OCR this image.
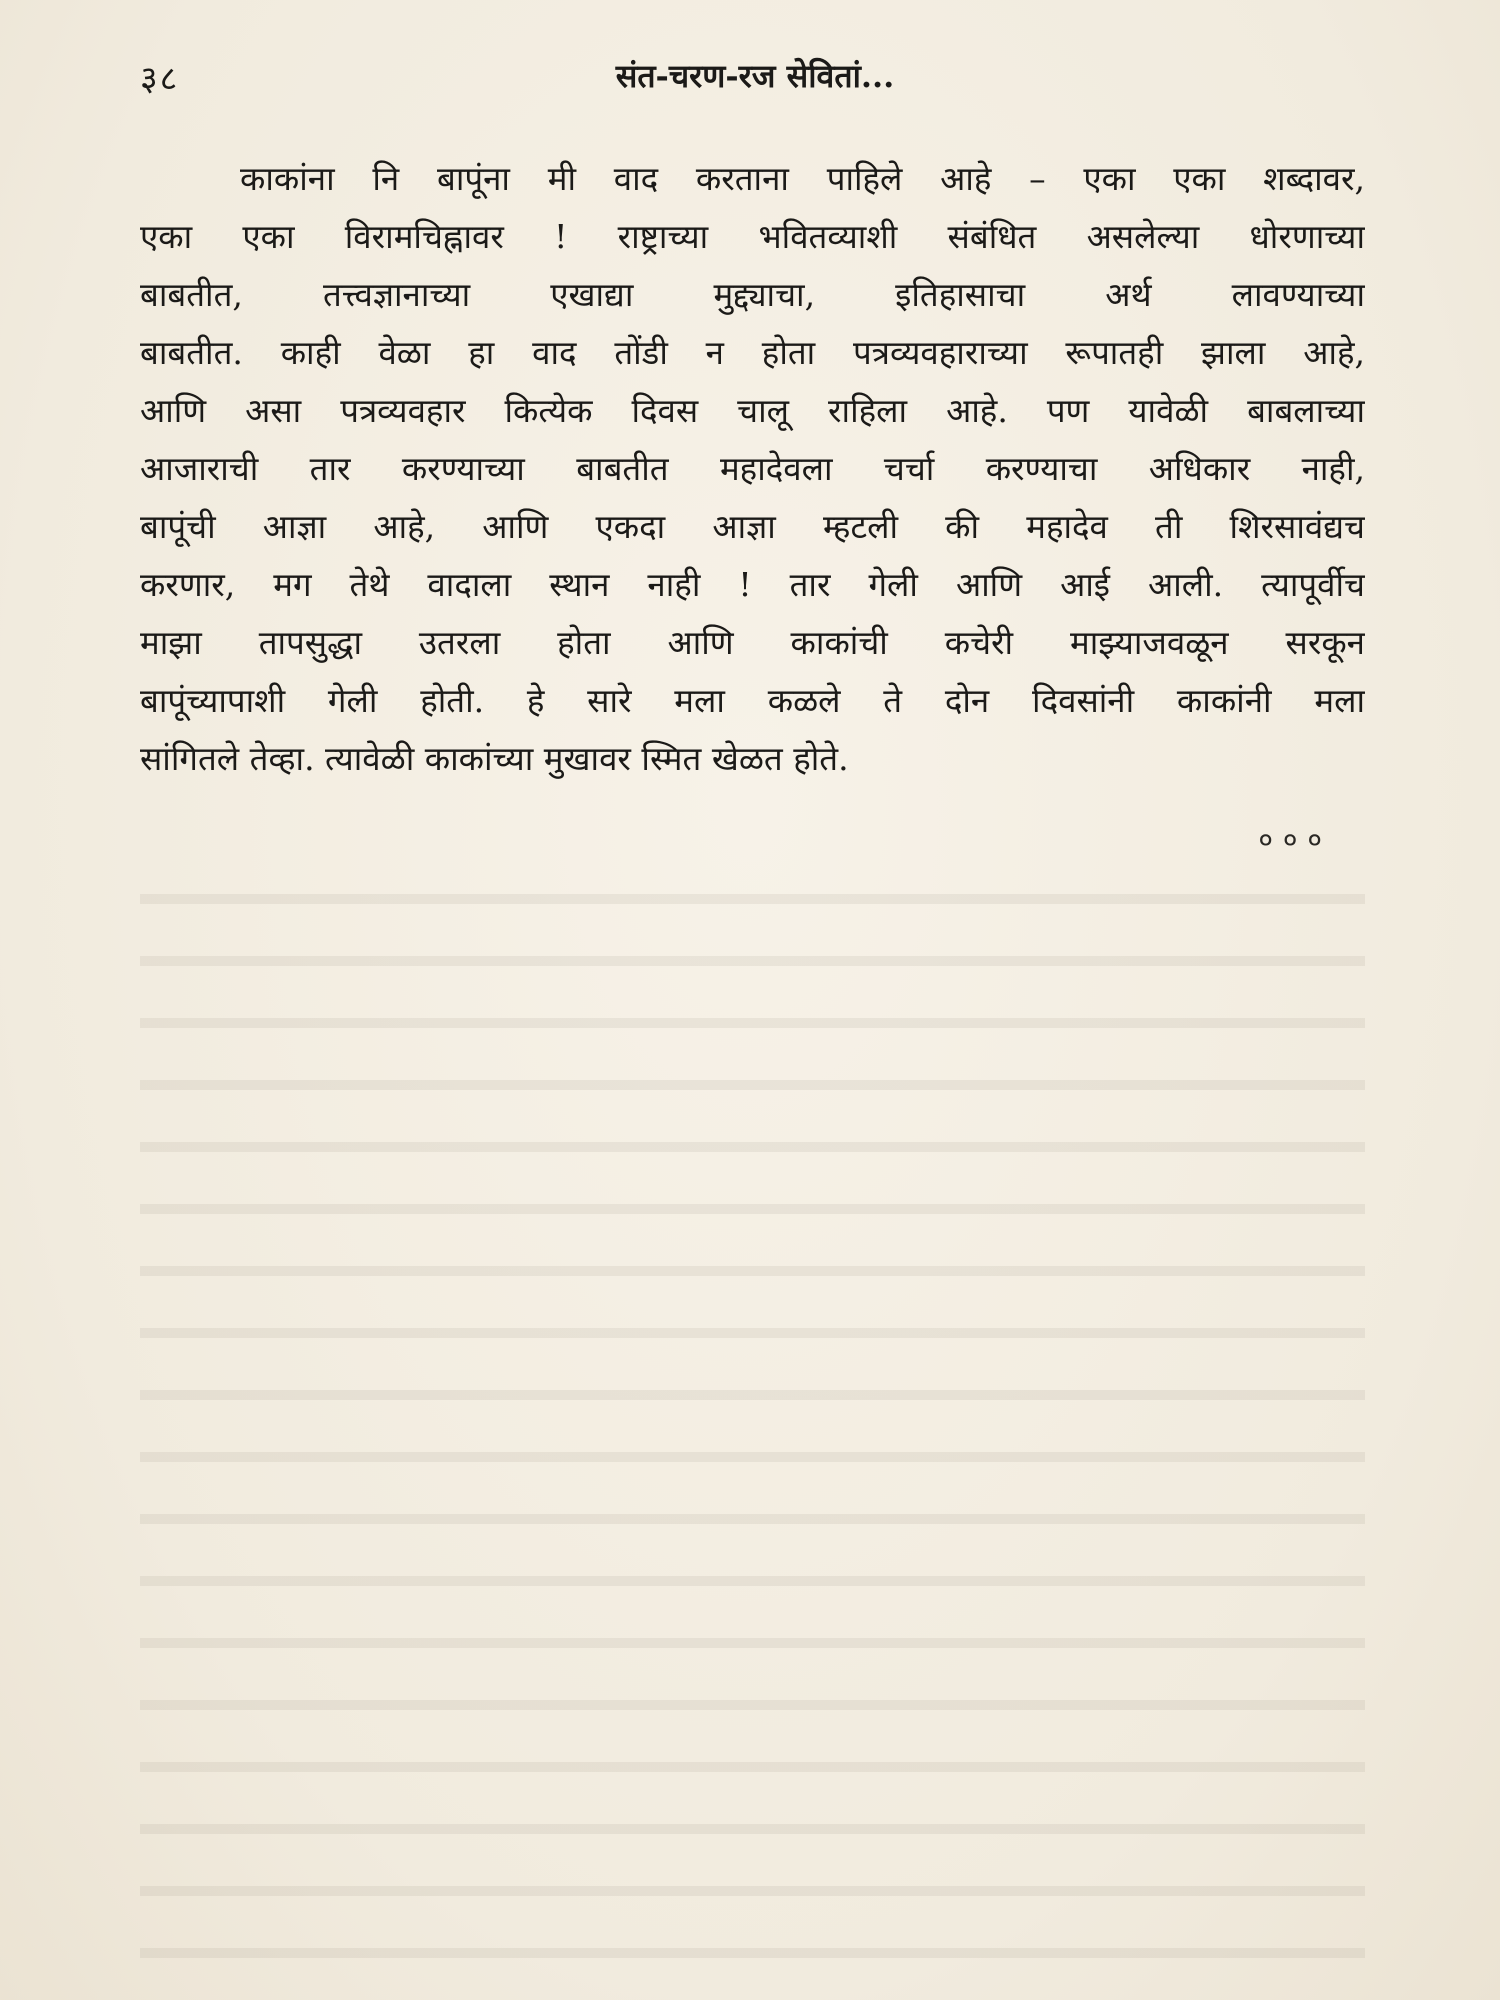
३८	संत-चरण-रज सेवितां...
काकांना नि बापूंना मी वाद करताना पाहिले आहे – एका एका शब्दावर,
एका एका विरामचिह्नावर ! राष्ट्राच्या भवितव्याशी संबंधित असलेल्या धोरणाच्या
बाबतीत, तत्त्वज्ञानाच्या एखाद्या मुद्द्याचा, इतिहासाचा अर्थ लावण्याच्या
बाबतीत. काही वेळा हा वाद तोंडी न होता पत्रव्यवहाराच्या रूपातही झाला आहे,
आणि असा पत्रव्यवहार कित्येक दिवस चालू राहिला आहे. पण यावेळी बाबलाच्या
आजाराची तार करण्याच्या बाबतीत महादेवला चर्चा करण्याचा अधिकार नाही,
बापूंची आज्ञा आहे, आणि एकदा आज्ञा म्हटली की महादेव ती शिरसावंद्यच
करणार, मग तेथे वादाला स्थान नाही ! तार गेली आणि आई आली. त्यापूर्वीच
माझा तापसुद्धा उतरला होता आणि काकांची कचेरी माझ्याजवळून सरकून
बापूंच्यापाशी गेली होती. हे सारे मला कळले ते दोन दिवसांनी काकांनी मला
सांगितले तेव्हा. त्यावेळी काकांच्या मुखावर स्मित खेळत होते.
०००
